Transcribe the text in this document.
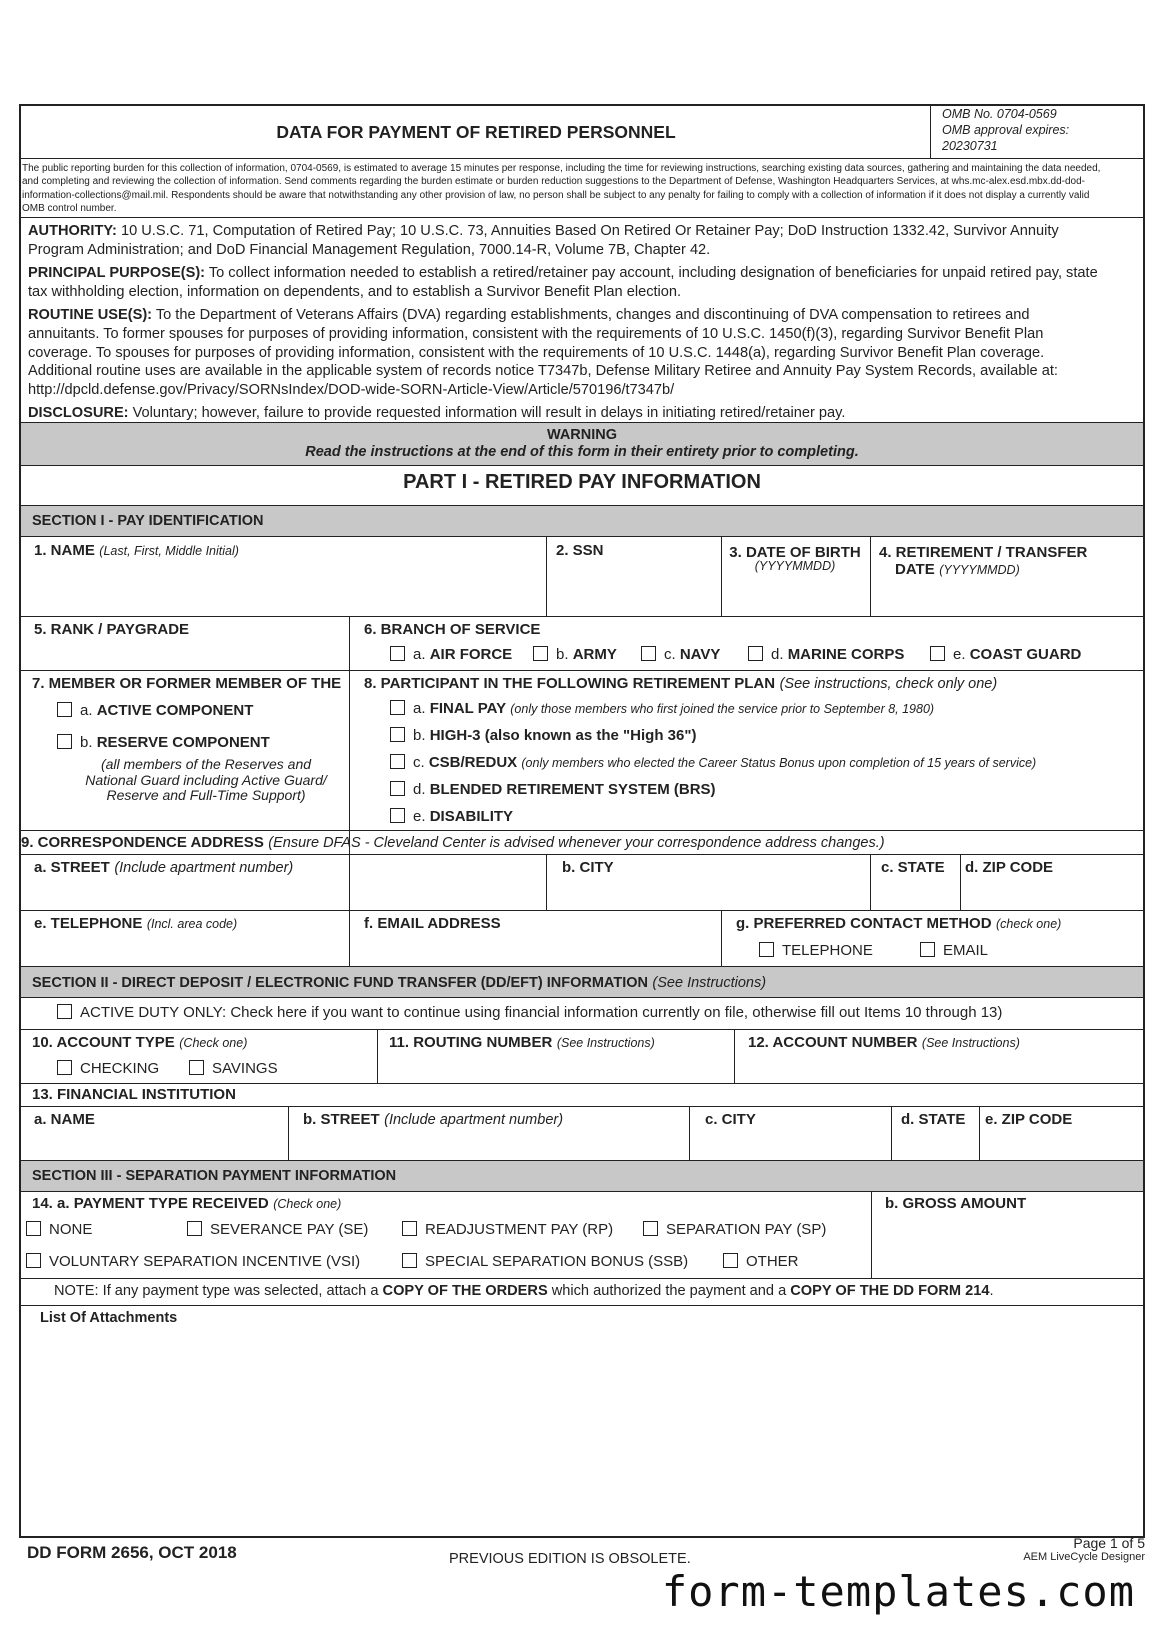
DATA FOR PAYMENT OF RETIRED PERSONNEL
OMB No. 0704-0569
OMB approval expires:
20230731
The public reporting burden for this collection of information, 0704-0569, is estimated to average 15 minutes per response, including the time for reviewing instructions, searching existing data sources, gathering and maintaining the data needed, and completing and reviewing the collection of information. Send comments regarding the burden estimate or burden reduction suggestions to the Department of Defense, Washington Headquarters Services, at whs.mc-alex.esd.mbx.dd-dod-information-collections@mail.mil. Respondents should be aware that notwithstanding any other provision of law, no person shall be subject to any penalty for failing to comply with a collection of information if it does not display a currently valid OMB control number.
AUTHORITY: 10 U.S.C. 71, Computation of Retired Pay; 10 U.S.C. 73, Annuities Based On Retired Or Retainer Pay; DoD Instruction 1332.42, Survivor Annuity Program Administration; and DoD Financial Management Regulation, 7000.14-R, Volume 7B, Chapter 42.
PRINCIPAL PURPOSE(S): To collect information needed to establish a retired/retainer pay account, including designation of beneficiaries for unpaid retired pay, state tax withholding election, information on dependents, and to establish a Survivor Benefit Plan election.
ROUTINE USE(S): To the Department of Veterans Affairs (DVA) regarding establishments, changes and discontinuing of DVA compensation to retirees and annuitants. To former spouses for purposes of providing information, consistent with the requirements of 10 U.S.C. 1450(f)(3), regarding Survivor Benefit Plan coverage. To spouses for purposes of providing information, consistent with the requirements of 10 U.S.C. 1448(a), regarding Survivor Benefit Plan coverage. Additional routine uses are available in the applicable system of records notice T7347b, Defense Military Retiree and Annuity Pay System Records, available at: http://dpcld.defense.gov/Privacy/SORNsIndex/DOD-wide-SORN-Article-View/Article/570196/t7347b/
DISCLOSURE: Voluntary; however, failure to provide requested information will result in delays in initiating retired/retainer pay.
WARNING
Read the instructions at the end of this form in their entirety prior to completing.
PART I - RETIRED PAY INFORMATION
SECTION I - PAY IDENTIFICATION
1. NAME (Last, First, Middle Initial)	2. SSN	3. DATE OF BIRTH
(YYYYMMDD)
4. RETIREMENT / TRANSFER
DATE (YYYYMMDD)
5. RANK / PAYGRADE	6. BRANCH OF SERVICE
a. AIR FORCE	b. ARMY	c. NAVY	d. MARINE CORPS	e. COAST GUARD
7. MEMBER OR FORMER MEMBER OF THE
a. ACTIVE COMPONENT
b. RESERVE COMPONENT
(all members of the Reserves and
National Guard including Active Guard/
Reserve and Full-Time Support)
8. PARTICIPANT IN THE FOLLOWING RETIREMENT PLAN (See instructions, check only one)
a. FINAL PAY (only those members who first joined the service prior to September 8, 1980)
b. HIGH-3 (also known as the "High 36")
c. CSB/REDUX (only members who elected the Career Status Bonus upon completion of 15 years of service)
d. BLENDED RETIREMENT SYSTEM (BRS)
e. DISABILITY
9. CORRESPONDENCE ADDRESS (Ensure DFAS - Cleveland Center is advised whenever your correspondence address changes.)
a. STREET (Include apartment number)	b. CITY	c. STATE	d. ZIP CODE
e. TELEPHONE (Incl. area code)	f. EMAIL ADDRESS	g. PREFERRED CONTACT METHOD (check one)
TELEPHONE	EMAIL
SECTION II - DIRECT DEPOSIT / ELECTRONIC FUND TRANSFER (DD/EFT) INFORMATION (See Instructions)
ACTIVE DUTY ONLY: Check here if you want to continue using financial information currently on file, otherwise fill out Items 10 through 13)
10. ACCOUNT TYPE (Check one)
CHECKING	SAVINGS
11. ROUTING NUMBER (See Instructions)	12. ACCOUNT NUMBER (See Instructions)
13. FINANCIAL INSTITUTION
a. NAME	b. STREET (Include apartment number)	c. CITY	d. STATE	e. ZIP CODE
SECTION III - SEPARATION PAYMENT INFORMATION
14. a. PAYMENT TYPE RECEIVED (Check one)	b. GROSS AMOUNT
NONE	SEVERANCE PAY (SE)	READJUSTMENT PAY (RP)	SEPARATION PAY (SP)
VOLUNTARY SEPARATION INCENTIVE (VSI)	SPECIAL SEPARATION BONUS (SSB)	OTHER
NOTE: If any payment type was selected, attach a COPY OF THE ORDERS which authorized the payment and a COPY OF THE DD FORM 214.
List Of Attachments
DD FORM 2656, OCT 2018	PREVIOUS EDITION IS OBSOLETE.
Page 1 of 5
AEM LiveCycle Designer
form-templates.com
